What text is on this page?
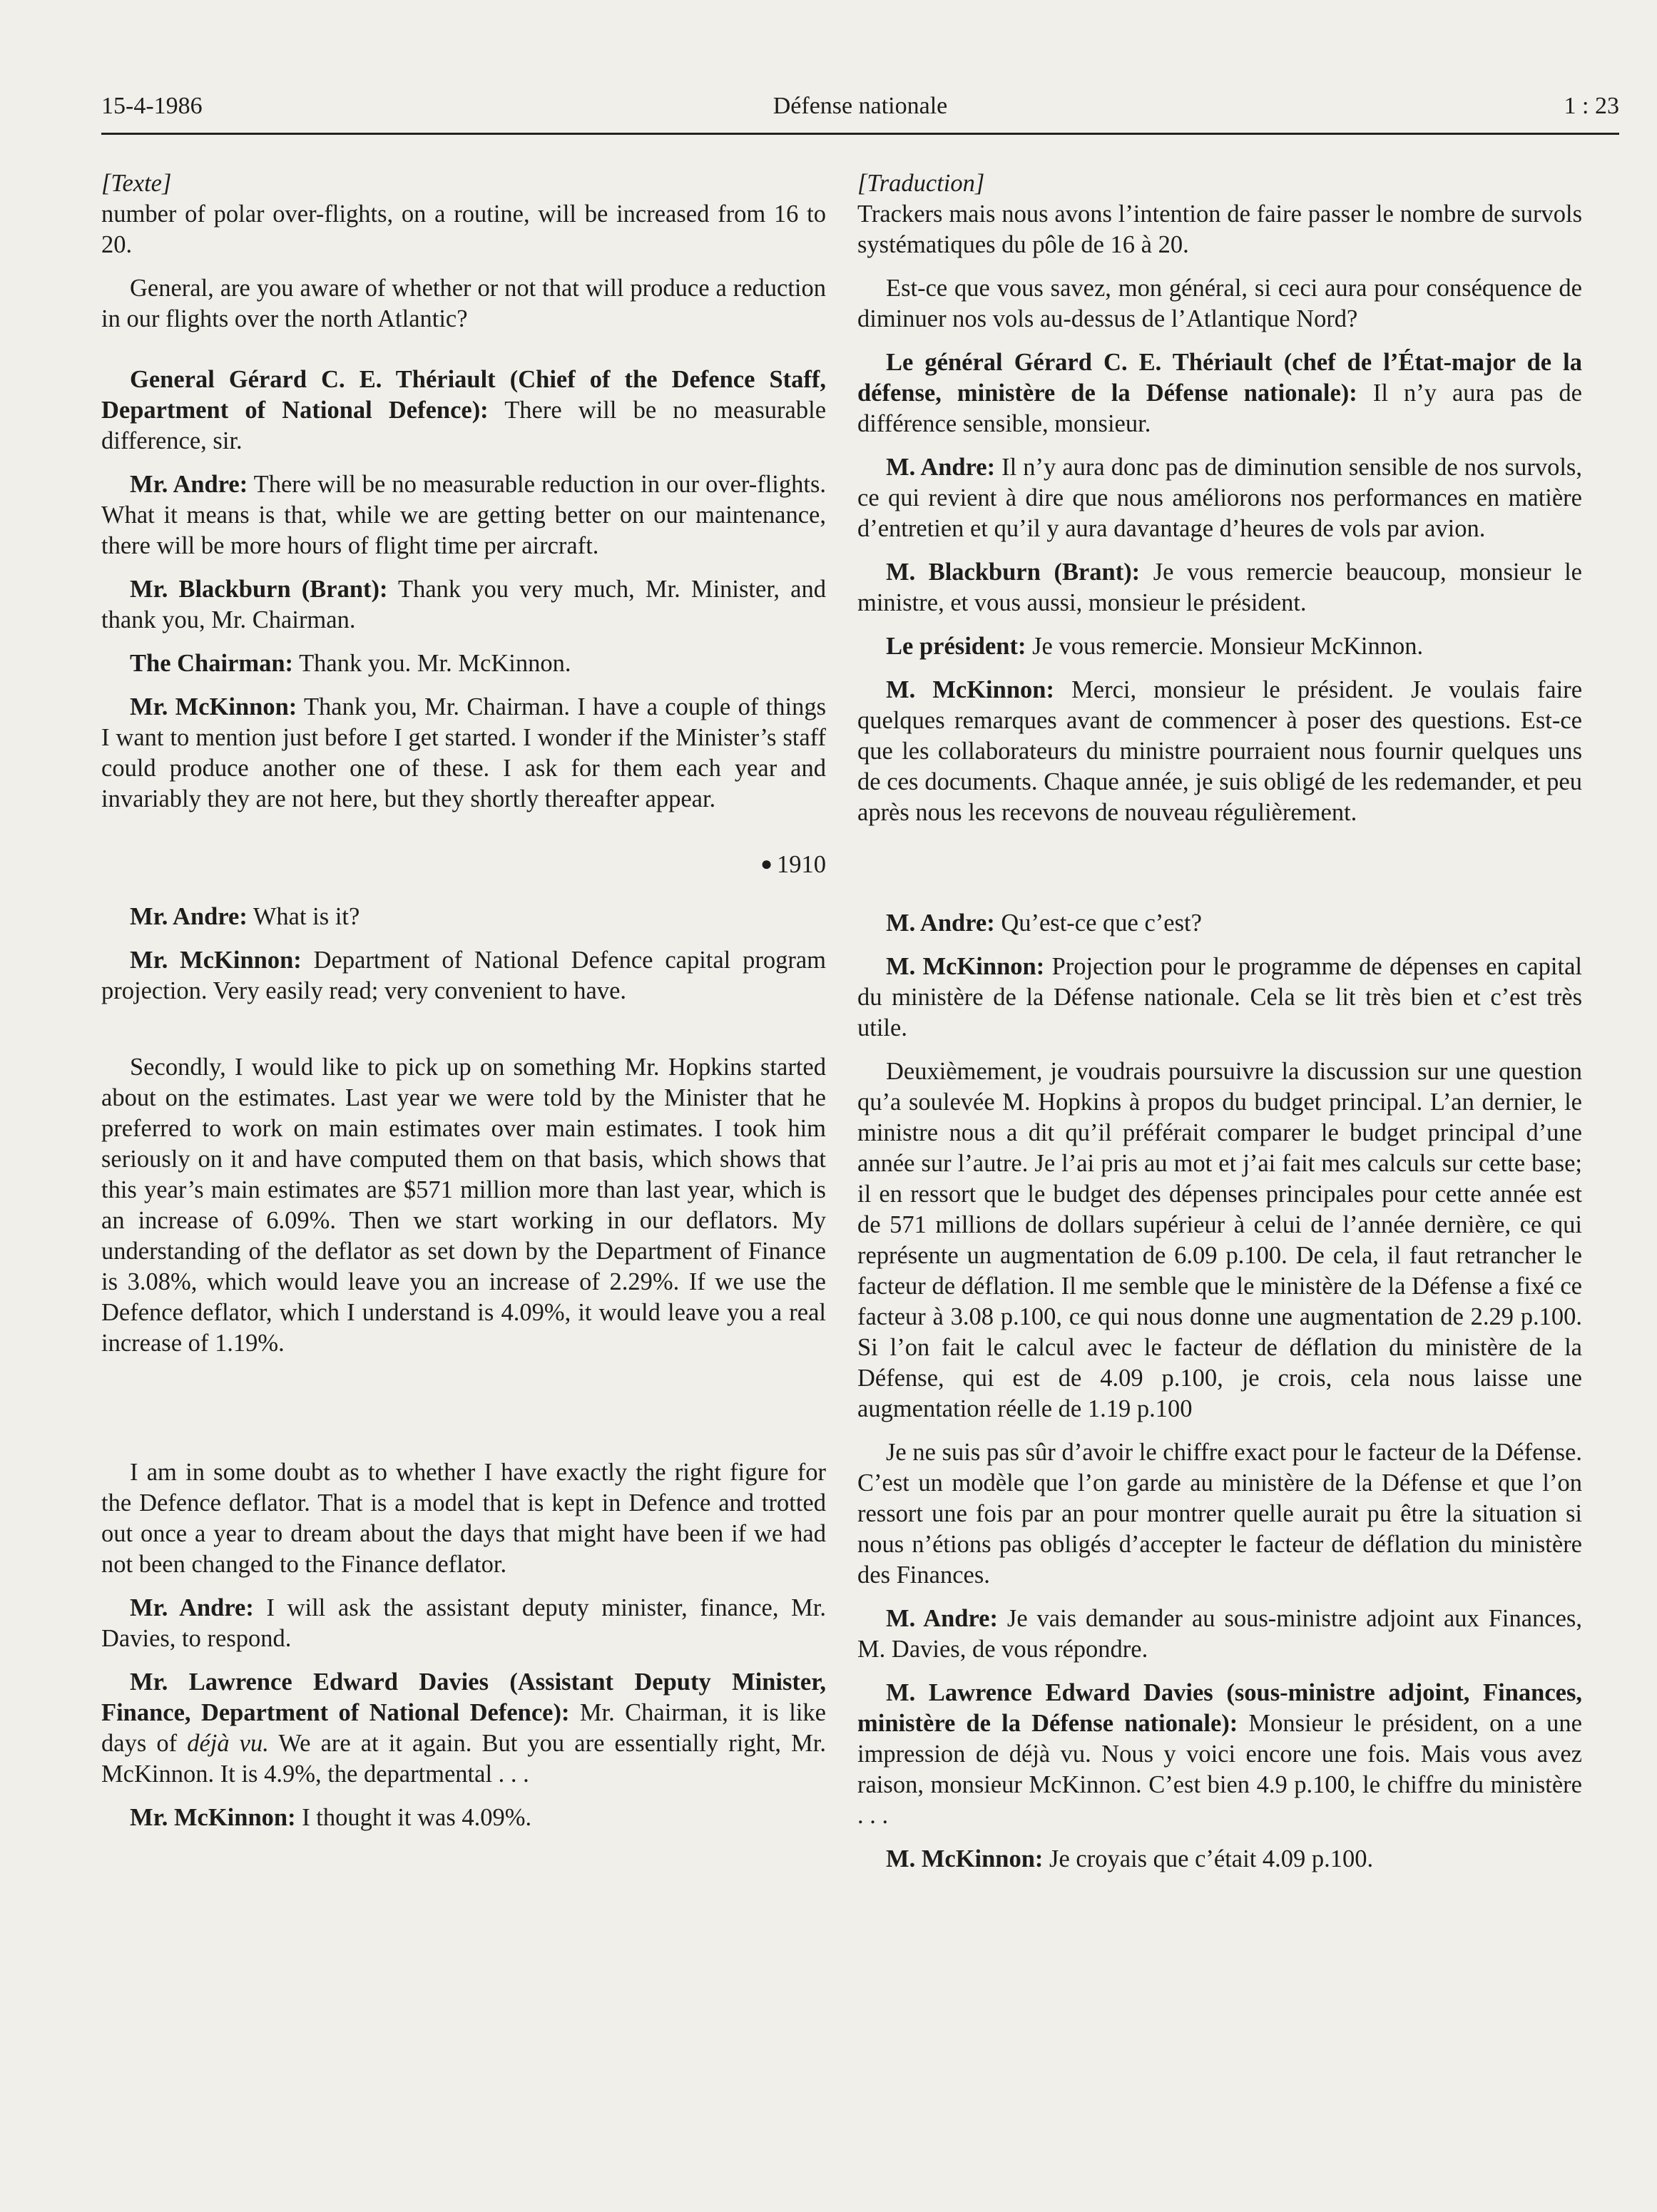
15-4-1986	Défense nationale	1 : 23

[Texte]

number of polar over-flights, on a routine, will be increased from 16 to 20.

General, are you aware of whether or not that will produce a reduction in our flights over the north Atlantic?

General Gérard C. E. Thériault (Chief of the Defence Staff, Department of National Defence): There will be no measurable difference, sir.

Mr. Andre: There will be no measurable reduction in our over-flights. What it means is that, while we are getting better on our maintenance, there will be more hours of flight time per aircraft.

Mr. Blackburn (Brant): Thank you very much, Mr. Minister, and thank you, Mr. Chairman.

The Chairman: Thank you. Mr. McKinnon.

Mr. McKinnon: Thank you, Mr. Chairman. I have a couple of things I want to mention just before I get started. I wonder if the Minister’s staff could produce another one of these. I ask for them each year and invariably they are not here, but they shortly thereafter appear.

● 1910

Mr. Andre: What is it?

Mr. McKinnon: Department of National Defence capital program projection. Very easily read; very convenient to have.

Secondly, I would like to pick up on something Mr. Hopkins started about on the estimates. Last year we were told by the Minister that he preferred to work on main estimates over main estimates. I took him seriously on it and have computed them on that basis, which shows that this year’s main estimates are $571 million more than last year, which is an increase of 6.09%. Then we start working in our deflators. My understanding of the deflator as set down by the Department of Finance is 3.08%, which would leave you an increase of 2.29%. If we use the Defence deflator, which I understand is 4.09%, it would leave you a real increase of 1.19%.

I am in some doubt as to whether I have exactly the right figure for the Defence deflator. That is a model that is kept in Defence and trotted out once a year to dream about the days that might have been if we had not been changed to the Finance deflator.

Mr. Andre: I will ask the assistant deputy minister, finance, Mr. Davies, to respond.

Mr. Lawrence Edward Davies (Assistant Deputy Minister, Finance, Department of National Defence): Mr. Chairman, it is like days of déjà vu. We are at it again. But you are essentially right, Mr. McKinnon. It is 4.9%, the departmental . . .

Mr. McKinnon: I thought it was 4.09%.

[Traduction]

Trackers mais nous avons l’intention de faire passer le nombre de survols systématiques du pôle de 16 à 20.

Est-ce que vous savez, mon général, si ceci aura pour conséquence de diminuer nos vols au-dessus de l’Atlantique Nord?

Le général Gérard C. E. Thériault (chef de l’État-major de la défense, ministère de la Défense nationale): Il n’y aura pas de différence sensible, monsieur.

M. Andre: Il n’y aura donc pas de diminution sensible de nos survols, ce qui revient à dire que nous améliorons nos performances en matière d’entretien et qu’il y aura davantage d’heures de vols par avion.

M. Blackburn (Brant): Je vous remercie beaucoup, monsieur le ministre, et vous aussi, monsieur le président.

Le président: Je vous remercie. Monsieur McKinnon.

M. McKinnon: Merci, monsieur le président. Je voulais faire quelques remarques avant de commencer à poser des questions. Est-ce que les collaborateurs du ministre pourraient nous fournir quelques uns de ces documents. Chaque année, je suis obligé de les redemander, et peu après nous les recevons de nouveau régulièrement.

M. Andre: Qu’est-ce que c’est?

M. McKinnon: Projection pour le programme de dépenses en capital du ministère de la Défense nationale. Cela se lit très bien et c’est très utile.

Deuxièmement, je voudrais poursuivre la discussion sur une question qu’a soulevée M. Hopkins à propos du budget principal. L’an dernier, le ministre nous a dit qu’il préférait comparer le budget principal d’une année sur l’autre. Je l’ai pris au mot et j’ai fait mes calculs sur cette base; il en ressort que le budget des dépenses principales pour cette année est de 571 millions de dollars supérieur à celui de l’année dernière, ce qui représente un augmentation de 6.09 p.100. De cela, il faut retrancher le facteur de déflation. Il me semble que le ministère de la Défense a fixé ce facteur à 3.08 p.100, ce qui nous donne une augmentation de 2.29 p.100. Si l’on fait le calcul avec le facteur de déflation du ministère de la Défense, qui est de 4.09 p.100, je crois, cela nous laisse une augmentation réelle de 1.19 p.100

Je ne suis pas sûr d’avoir le chiffre exact pour le facteur de la Défense. C’est un modèle que l’on garde au ministère de la Défense et que l’on ressort une fois par an pour montrer quelle aurait pu être la situation si nous n’étions pas obligés d’accepter le facteur de déflation du ministère des Finances.

M. Andre: Je vais demander au sous-ministre adjoint aux Finances, M. Davies, de vous répondre.

M. Lawrence Edward Davies (sous-ministre adjoint, Finances, ministère de la Défense nationale): Monsieur le président, on a une impression de déjà vu. Nous y voici encore une fois. Mais vous avez raison, monsieur McKinnon. C’est bien 4.9 p.100, le chiffre du ministère . . .

M. McKinnon: Je croyais que c’était 4.09 p.100.
